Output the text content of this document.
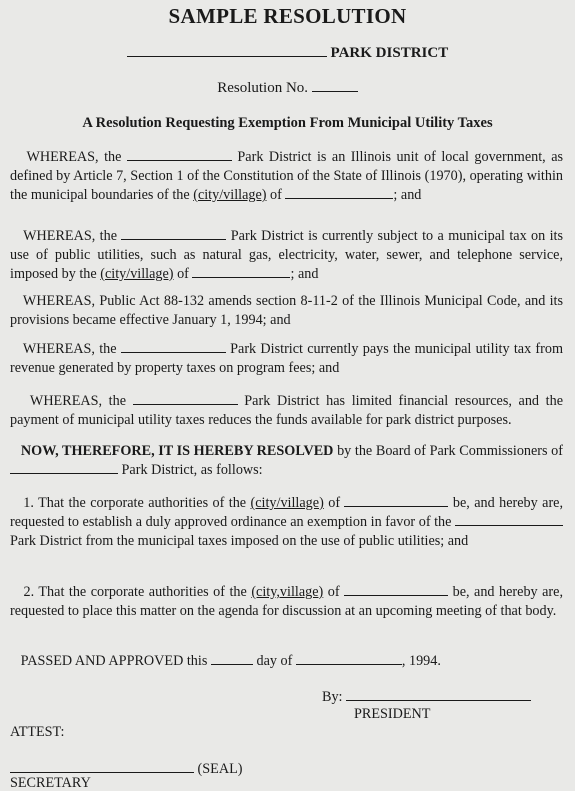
SAMPLE RESOLUTION
PARK DISTRICT
Resolution No.
A Resolution Requesting Exemption From Municipal Utility Taxes
WHEREAS, the	Park District is an Illinois unit of local government, as defined by Article 7, Section 1 of the Constitution of the State of Illinois (1970), operating within the municipal boundaries of the (city/village) of	; and
WHEREAS, the	Park District is currently subject to a municipal tax on its use of public utilities, such as natural gas, electricity, water, sewer, and telephone service, imposed by the (city/village) of	; and
WHEREAS, Public Act 88-132 amends section 8-11-2 of the Illinois Municipal Code, and its provisions became effective January 1, 1994; and
WHEREAS, the	Park District currently pays the municipal utility tax from revenue generated by property taxes on program fees; and
WHEREAS, the	Park District has limited financial resources, and the payment of municipal utility taxes reduces the funds available for park district purposes.
NOW, THEREFORE, IT IS HEREBY RESOLVED by the Board of Park Commissioners of  Park District, as follows:
1. That the corporate authorities of the (city/village) of	be, and hereby are, requested to establish a duly approved ordinance an exemption in favor of the  Park District from the municipal taxes imposed on the use of public utilities; and
2. That the corporate authorities of the (city,village) of	be, and hereby are, requested to place this matter on the agenda for discussion at an upcoming meeting of that body.
PASSED AND APPROVED this	day of	, 1994.
By:
PRESIDENT
ATTEST:
(SEAL)
SECRETARY
